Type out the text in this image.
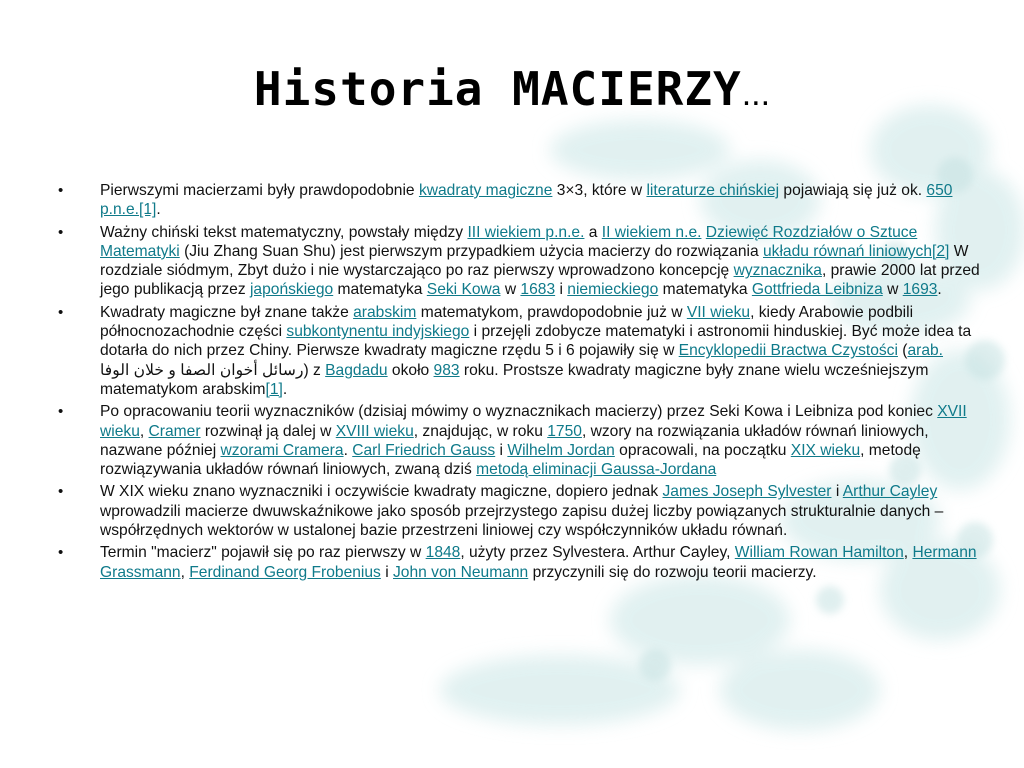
Historia MACIERZY...
• Pierwszymi macierzami były prawdopodobnie kwadraty magiczne 3×3, które w literaturze chińskiej pojawiają się już ok. 650 p.n.e.[1].
• Ważny chiński tekst matematyczny, powstały między III wiekiem p.n.e. a II wiekiem n.e. Dziewięć Rozdziałów o Sztuce Matematyki (Jiu Zhang Suan Shu) jest pierwszym przypadkiem użycia macierzy do rozwiązania układu równań liniowych[2] W rozdziale siódmym, Zbyt dużo i nie wystarczająco po raz pierwszy wprowadzono koncepcję wyznacznika, prawie 2000 lat przed jego publikacją przez japońskiego matematyka Seki Kowa w 1683 i niemieckiego matematyka Gottfrieda Leibniza w 1693.
• Kwadraty magiczne był znane także arabskim matematykom, prawdopodobnie już w VII wieku, kiedy Arabowie podbili północnozachodnie części subkontynentu indyjskiego i przejęli zdobycze matematyki i astronomii hinduskiej. Być może idea ta dotarła do nich przez Chiny. Pierwsze kwadraty magiczne rzędu 5 i 6 pojawiły się w Encyklopedii Bractwa Czystości (arab. رسائل أخوان الصفا و خلان الوفا) z Bagdadu około 983 roku. Prostsze kwadraty magiczne były znane wielu wcześniejszym matematykom arabskim[1].
• Po opracowaniu teorii wyznaczników (dzisiaj mówimy o wyznacznikach macierzy) przez Seki Kowa i Leibniza pod koniec XVII wieku, Cramer rozwinął ją dalej w XVIII wieku, znajdując, w roku 1750, wzory na rozwiązania układów równań liniowych, nazwane później wzorami Cramera. Carl Friedrich Gauss i Wilhelm Jordan opracowali, na początku XIX wieku, metodę rozwiązywania układów równań liniowych, zwaną dziś metodą eliminacji Gaussa-Jordana
• W XIX wieku znano wyznaczniki i oczywiście kwadraty magiczne, dopiero jednak James Joseph Sylvester i Arthur Cayley wprowadzili macierze dwuwskaźnikowe jako sposób przejrzystego zapisu dużej liczby powiązanych strukturalnie danych – współrzędnych wektorów w ustalonej bazie przestrzeni liniowej czy współczynników układu równań.
• Termin "macierz" pojawił się po raz pierwszy w 1848, użyty przez Sylvestera. Arthur Cayley, William Rowan Hamilton, Hermann Grassmann, Ferdinand Georg Frobenius i John von Neumann przyczynili się do rozwoju teorii macierzy.
